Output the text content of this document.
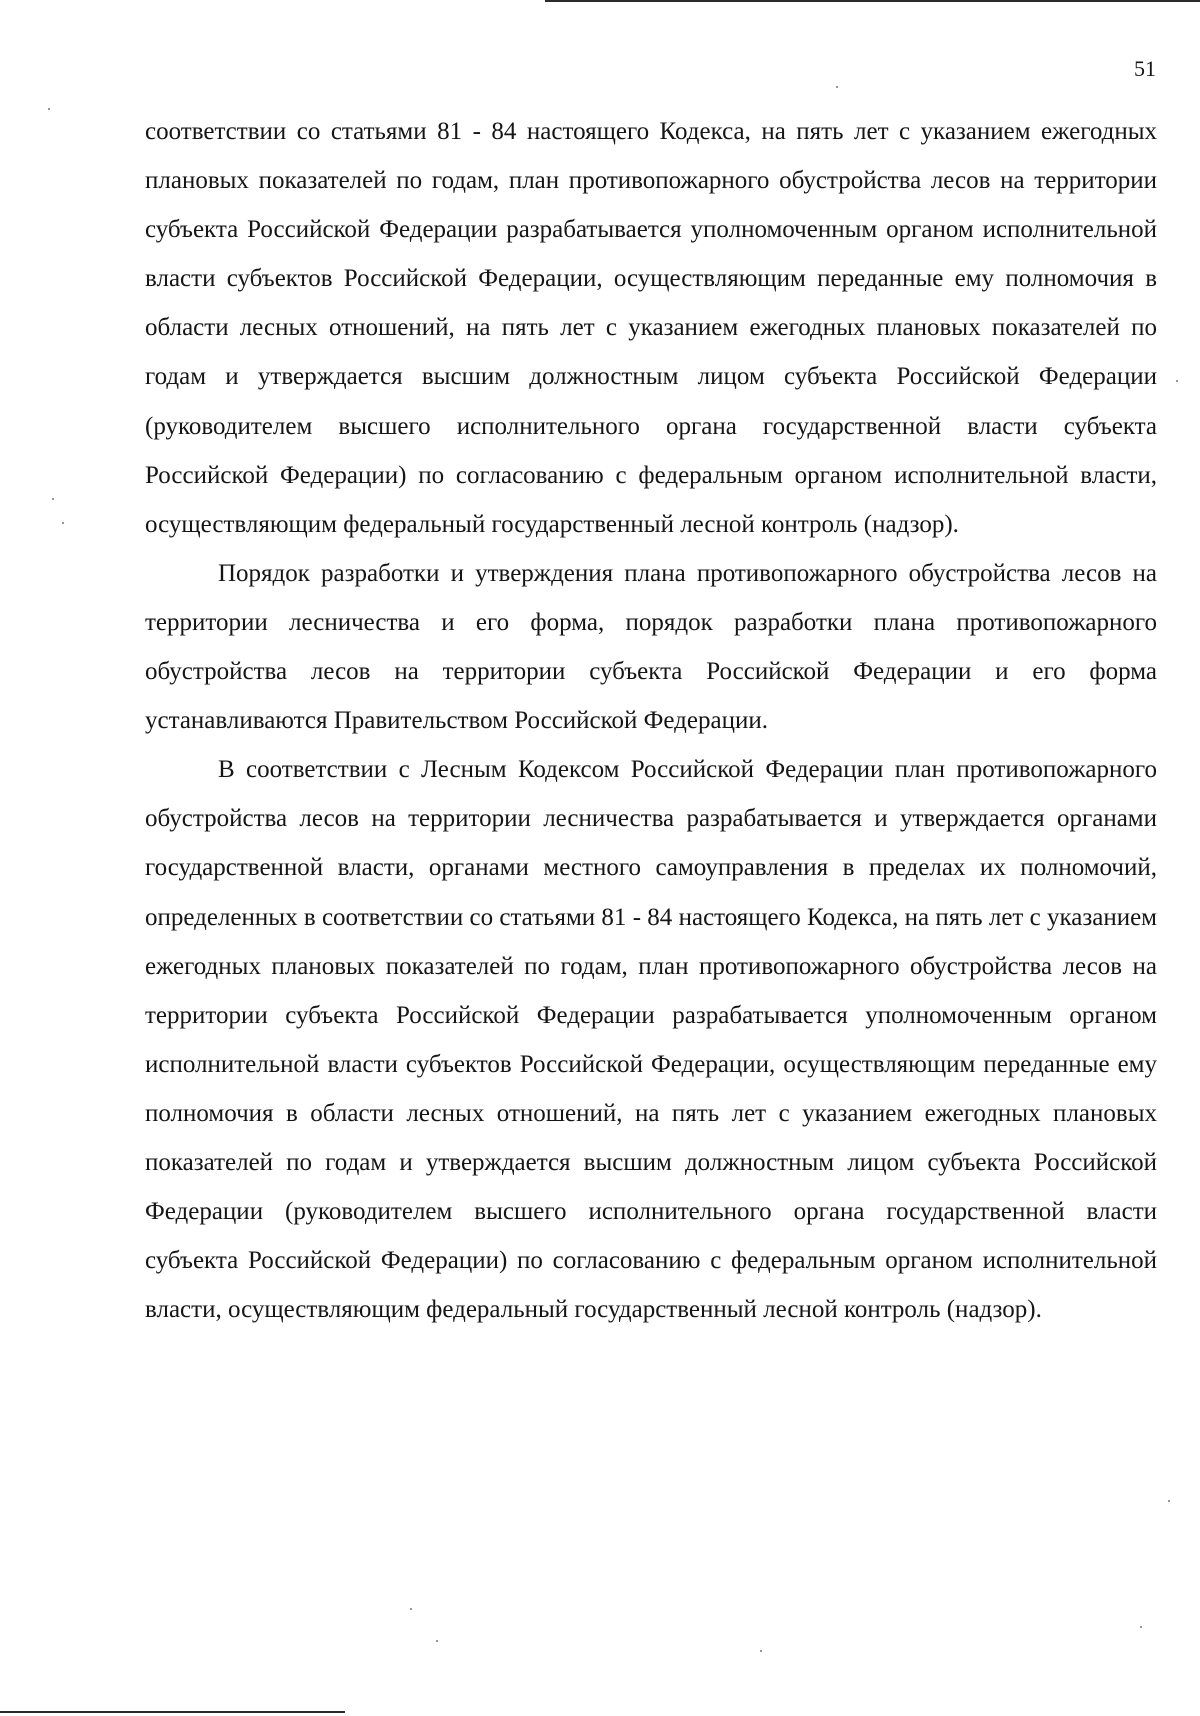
51

соответствии со статьями 81 - 84 настоящего Кодекса, на пять лет с указанием ежегодных плановых показателей по годам, план противопожарного обустройства лесов на территории субъекта Российской Федерации разрабатывается уполномоченным органом исполнительной власти субъектов Российской Федерации, осуществляющим переданные ему полномочия в области лесных отношений, на пять лет с указанием ежегодных плановых показателей по годам и утверждается высшим должностным лицом субъекта Российской Федерации (руководителем высшего исполнительного органа государственной власти субъекта Российской Федерации) по согласованию с федеральным органом исполнительной власти, осуществляющим федеральный государственный лесной контроль (надзор).

Порядок разработки и утверждения плана противопожарного обустройства лесов на территории лесничества и его форма, порядок разработки плана противопожарного обустройства лесов на территории субъекта Российской Федерации и его форма устанавливаются Правительством Российской Федерации.

В соответствии с Лесным Кодексом Российской Федерации план противопожарного обустройства лесов на территории лесничества разрабатывается и утверждается органами государственной власти, органами местного самоуправления в пределах их полномочий, определенных в соответствии со статьями 81 - 84 настоящего Кодекса, на пять лет с указанием ежегодных плановых показателей по годам, план противопожарного обустройства лесов на территории субъекта Российской Федерации разрабатывается уполномоченным органом исполнительной власти субъектов Российской Федерации, осуществляющим переданные ему полномочия в области лесных отношений, на пять лет с указанием ежегодных плановых показателей по годам и утверждается высшим должностным лицом субъекта Российской Федерации (руководителем высшего исполнительного органа государственной власти субъекта Российской Федерации) по согласованию с федеральным органом исполнительной власти, осуществляющим федеральный государственный лесной контроль (надзор).
